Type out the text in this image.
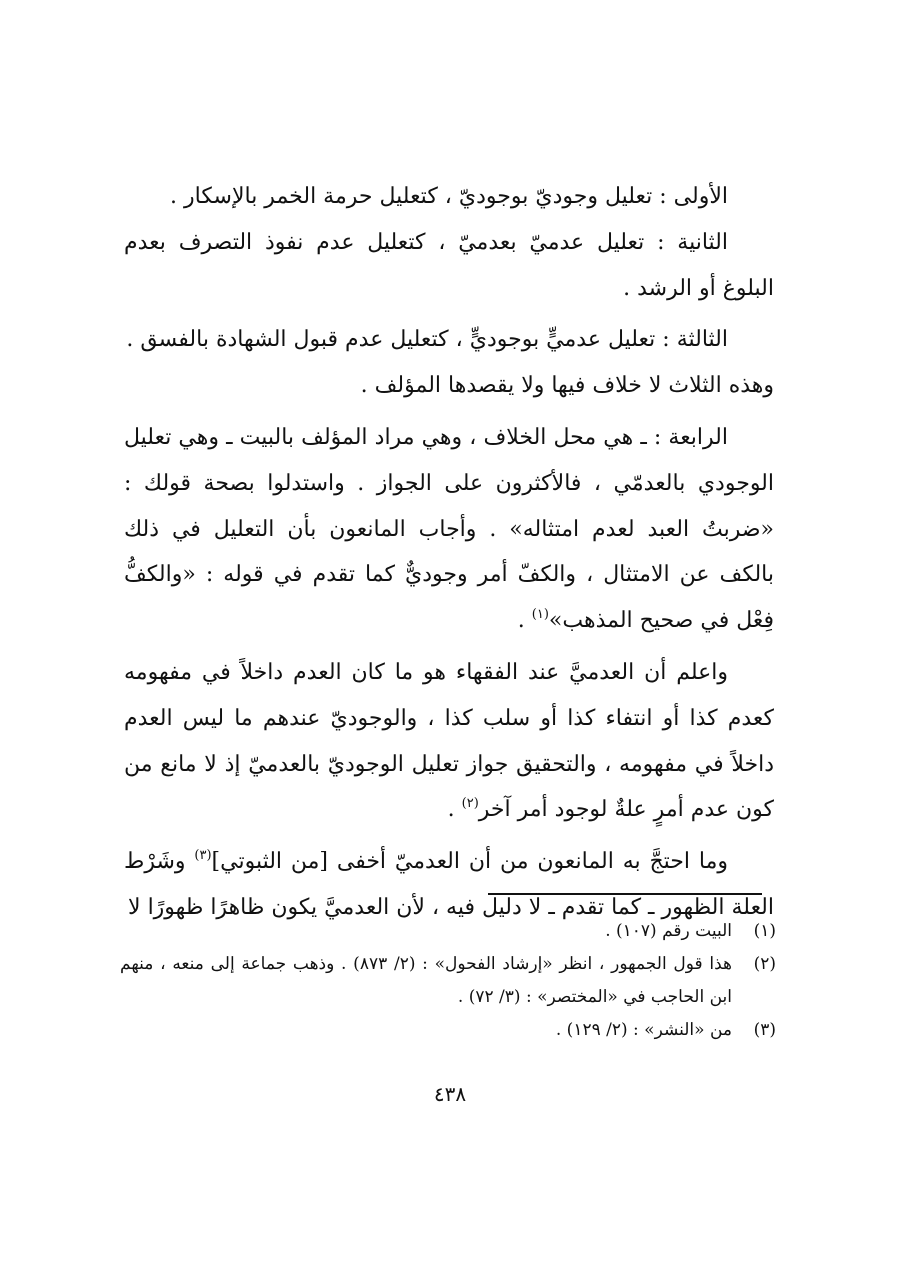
الأولى : تعليل وجوديّ بوجوديّ ، كتعليل حرمة الخمر بالإسكار .

الثانية : تعليل عدميّ بعدميّ ، كتعليل عدم نفوذ التصرف بعدم البلوغ أو الرشد .

الثالثة : تعليل عدميٍّ بوجوديٍّ ، كتعليل عدم قبول الشهادة بالفسق .

وهذه الثلاث لا خلاف فيها ولا يقصدها المؤلف .

الرابعة : ـ هي محل الخلاف ، وهي مراد المؤلف بالبيت ـ وهي تعليل الوجودي بالعدمّي ، فالأكثرون على الجواز . واستدلوا بصحة قولك : «ضربتُ العبد لعدم امتثاله» . وأجاب المانعون بأن التعليل في ذلك بالكف عن الامتثال ، والكفّ أمر وجوديٌّ كما تقدم في قوله : «والكفُّ فِعْل في صحيح المذهب»$^{(١)}$ .

واعلم أن العدميَّ عند الفقهاء هو ما كان العدم داخلاً في مفهومه كعدم كذا أو انتفاء كذا أو سلب كذا ، والوجوديّ عندهم ما ليس العدم داخلاً في مفهومه ، والتحقيق جواز تعليل الوجوديّ بالعدميّ إذ لا مانع من كون عدم أمرٍ علةٌ لوجود أمر آخر$^{(٢)}$ .

وما احتجَّ به المانعون من أن العدميّ أخفى [من الثبوتي]$^{(٣)}$ وشَرْط العلة الظهور ـ كما تقدم ـ لا دليل فيه ، لأن العدميَّ يكون ظاهرًا ظهورًا لا

(١)
البيت رقم (١٠٧) .
(٢)
هذا قول الجمهور ، انظر «إرشاد الفحول» : (٢/ ٨٧٣) . وذهب جماعة إلى منعه ، منهم ابن الحاجب في «المختصر» : (٣/ ٧٢) .
(٣)
من «النشر» : (٢/ ١٢٩) .
٤٣٨
